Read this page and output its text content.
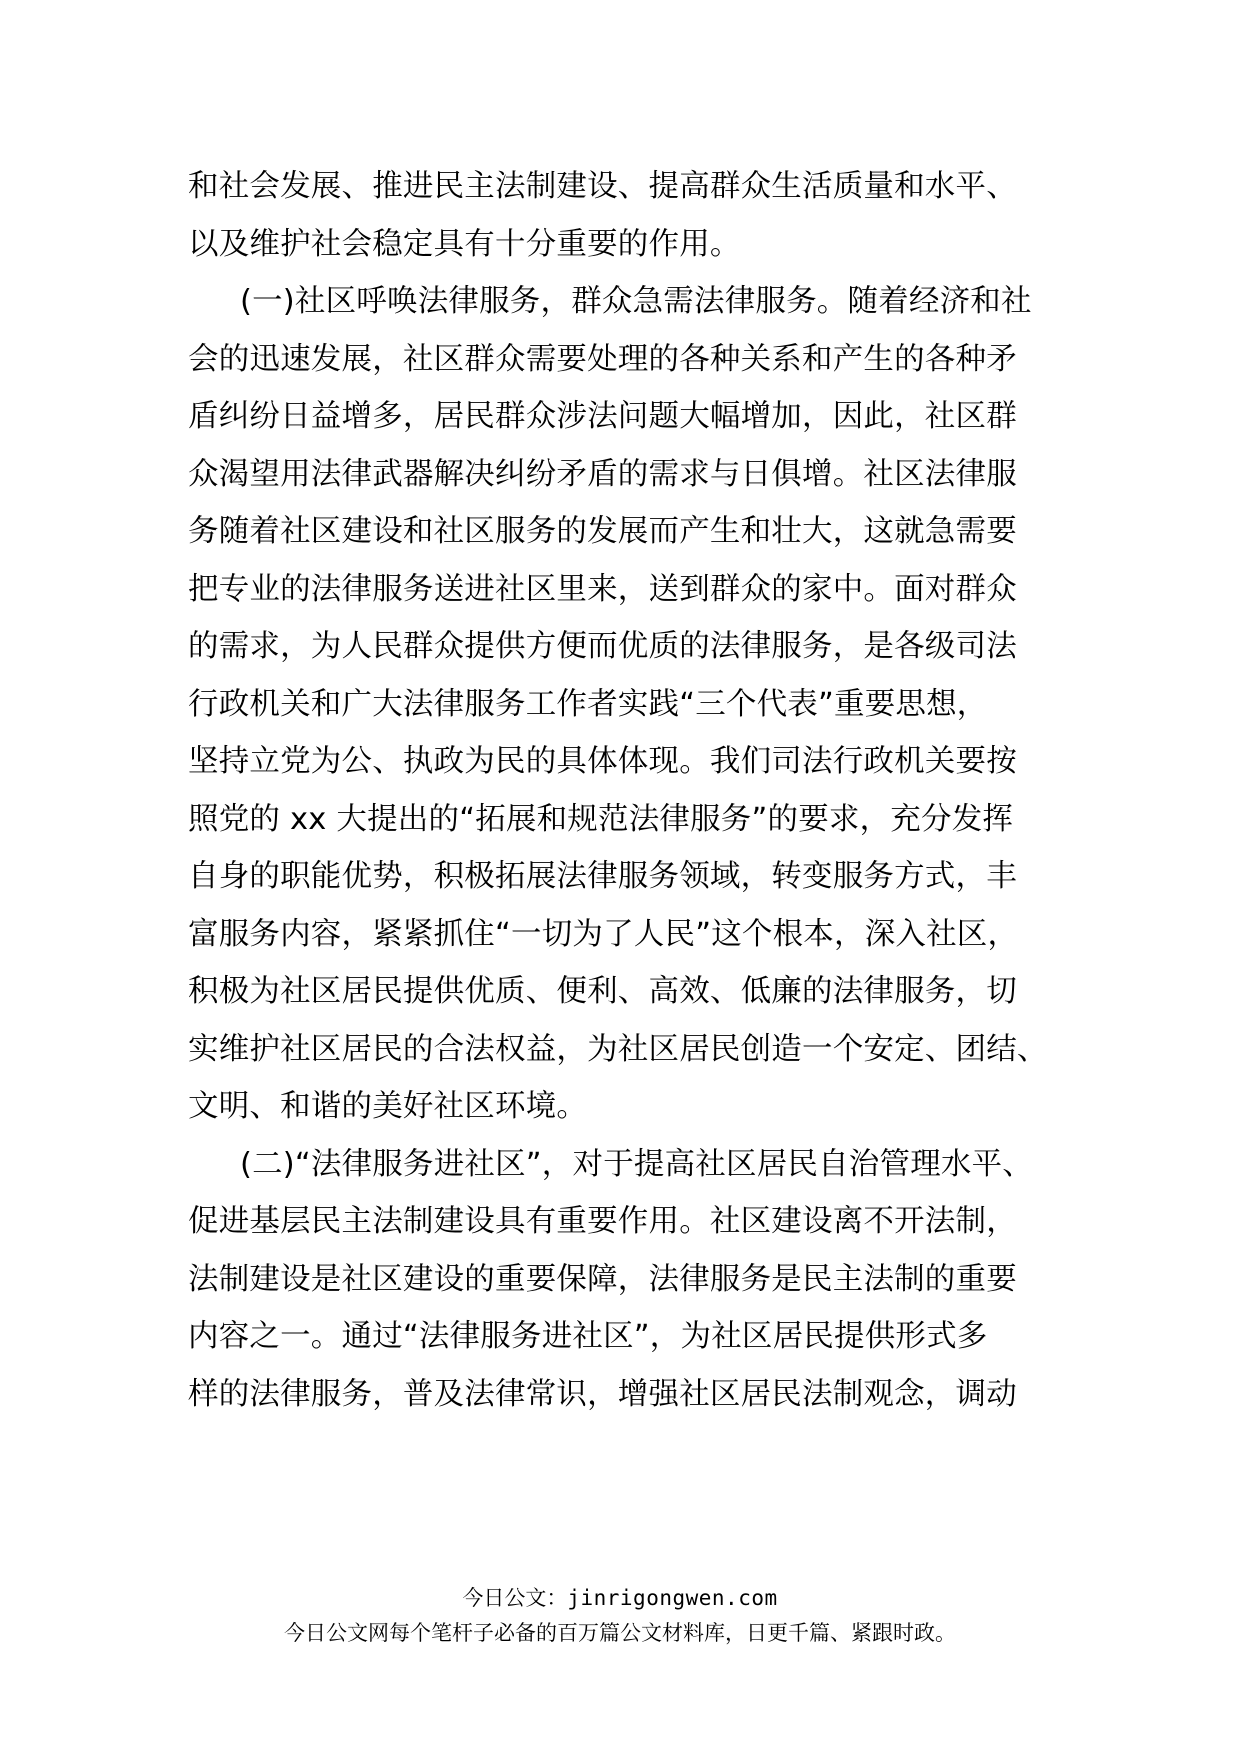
和社会发展、推进民主法制建设、提高群众生活质量和水平、
以及维护社会稳定具有十分重要的作用。
(一)社区呼唤法律服务，群众急需法律服务。随着经济和社
会的迅速发展，社区群众需要处理的各种关系和产生的各种矛
盾纠纷日益增多，居民群众涉法问题大幅增加，因此，社区群
众渴望用法律武器解决纠纷矛盾的需求与日俱增。社区法律服
务随着社区建设和社区服务的发展而产生和壮大，这就急需要
把专业的法律服务送进社区里来，送到群众的家中。面对群众
的需求，为人民群众提供方便而优质的法律服务，是各级司法
行政机关和广大法律服务工作者实践“三个代表”重要思想，
坚持立党为公、执政为民的具体体现。我们司法行政机关要按
照党的 xx 大提出的“拓展和规范法律服务”的要求，充分发挥
自身的职能优势，积极拓展法律服务领域，转变服务方式，丰
富服务内容，紧紧抓住“一切为了人民”这个根本，深入社区，
积极为社区居民提供优质、便利、高效、低廉的法律服务，切
实维护社区居民的合法权益，为社区居民创造一个安定、团结、
文明、和谐的美好社区环境。
(二)“法律服务进社区”，对于提高社区居民自治管理水平、
促进基层民主法制建设具有重要作用。社区建设离不开法制，
法制建设是社区建设的重要保障，法律服务是民主法制的重要
内容之一。通过“法律服务进社区”，为社区居民提供形式多
样的法律服务，普及法律常识，增强社区居民法制观念，调动
今日公文：jinrigongwen.com
今日公文网每个笔杆子必备的百万篇公文材料库，日更千篇、紧跟时政。
